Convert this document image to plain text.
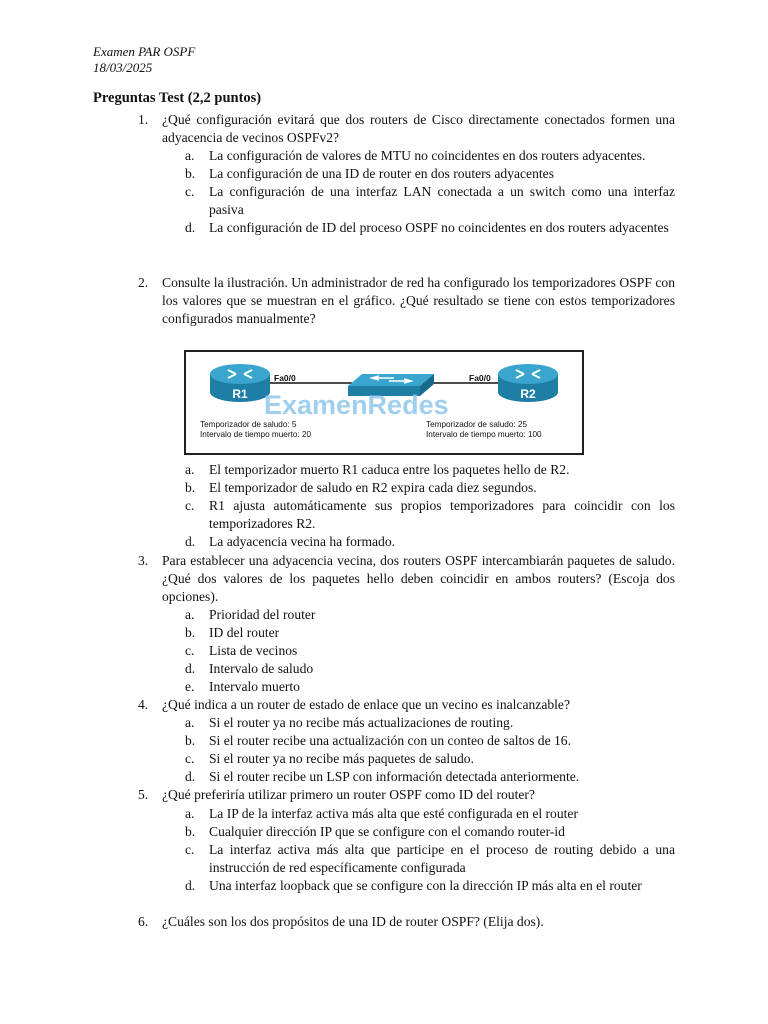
Examen PAR OSPF
18/03/2025
Preguntas Test (2,2 puntos)
1. ¿Qué configuración evitará que dos routers de Cisco directamente conectados formen una adyacencia de vecinos OSPFv2?
a. La configuración de valores de MTU no coincidentes en dos routers adyacentes.
b. La configuración de una ID de router en dos routers adyacentes
c. La configuración de una interfaz LAN conectada a un switch como una interfaz pasiva
d. La configuración de ID del proceso OSPF no coincidentes en dos routers adyacentes
2. Consulte la ilustración. Un administrador de red ha configurado los temporizadores OSPF con los valores que se muestran en el gráfico. ¿Qué resultado se tiene con estos temporizadores configurados manualmente?
R1	R2
Fa0/0	Fa0/0
ExamenRedes
Temporizador de saludo: 5
Intervalo de tiempo muerto: 20
Temporizador de saludo: 25
Intervalo de tiempo muerto: 100
a. El temporizador muerto R1 caduca entre los paquetes hello de R2.
b. El temporizador de saludo en R2 expira cada diez segundos.
c. R1 ajusta automáticamente sus propios temporizadores para coincidir con los temporizadores R2.
d. La adyacencia vecina ha formado.
3. Para establecer una adyacencia vecina, dos routers OSPF intercambiarán paquetes de saludo. ¿Qué dos valores de los paquetes hello deben coincidir en ambos routers? (Escoja dos opciones).
a. Prioridad del router
b. ID del router
c. Lista de vecinos
d. Intervalo de saludo
e. Intervalo muerto
4. ¿Qué indica a un router de estado de enlace que un vecino es inalcanzable?
a. Si el router ya no recibe más actualizaciones de routing.
b. Si el router recibe una actualización con un conteo de saltos de 16.
c. Si el router ya no recibe más paquetes de saludo.
d. Si el router recibe un LSP con información detectada anteriormente.
5. ¿Qué preferiría utilizar primero un router OSPF como ID del router?
a. La IP de la interfaz activa más alta que esté configurada en el router
b. Cualquier dirección IP que se configure con el comando router-id
c. La interfaz activa más alta que participe en el proceso de routing debido a una instrucción de red específicamente configurada
d. Una interfaz loopback que se configure con la dirección IP más alta en el router
6. ¿Cuáles son los dos propósitos de una ID de router OSPF? (Elija dos).
